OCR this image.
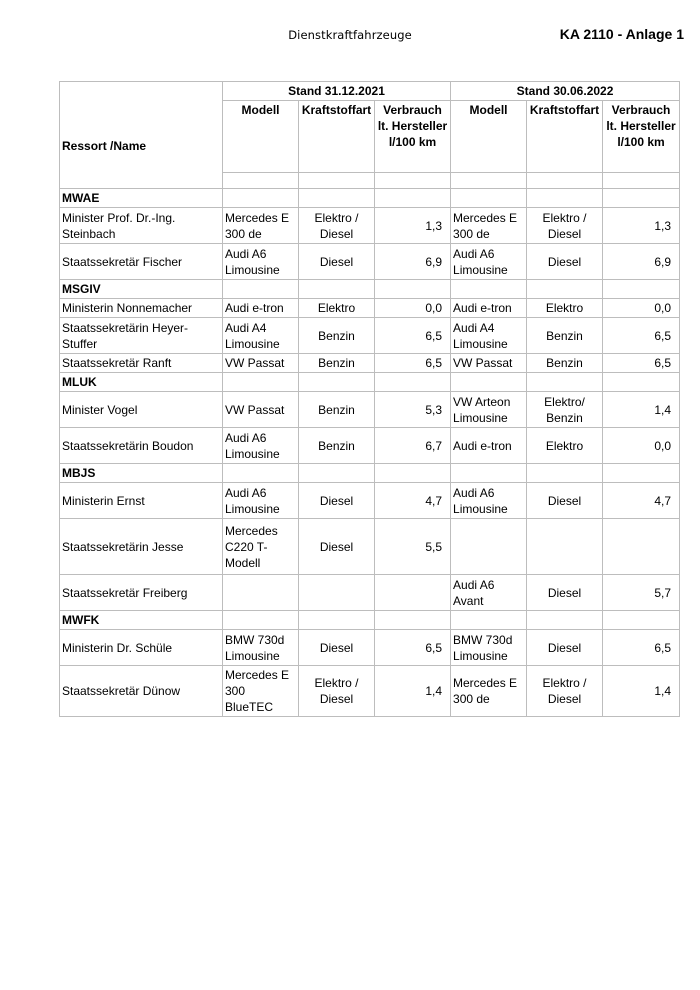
Dienstkraftfahrzeuge	KA 2110 - Anlage 1
Ressort /Name	Stand 31.12.2021			Stand 30.06.2022		
	Modell	Kraftstoffart	Verbrauch lt. Hersteller l/100 km	Modell	Kraftstoffart	Verbrauch lt. Hersteller l/100 km

MWAE						
Minister Prof. Dr.-Ing. Steinbach	Mercedes E 300 de	Elektro / Diesel	1,3	Mercedes E 300 de	Elektro / Diesel	1,3
Staatssekretär Fischer	Audi A6 Limousine	Diesel	6,9	Audi A6 Limousine	Diesel	6,9
MSGIV						
Ministerin Nonnemacher	Audi e-tron	Elektro	0,0	Audi e-tron	Elektro	0,0
Staatssekretärin Heyer-Stuffer	Audi A4 Limousine	Benzin	6,5	Audi A4 Limousine	Benzin	6,5
Staatssekretär Ranft	VW Passat	Benzin	6,5	VW Passat	Benzin	6,5
MLUK						
Minister Vogel	VW Passat	Benzin	5,3	VW Arteon Limousine	Elektro/ Benzin	1,4
Staatssekretärin Boudon	Audi A6 Limousine	Benzin	6,7	Audi e-tron	Elektro	0,0
MBJS						
Ministerin Ernst	Audi A6 Limousine	Diesel	4,7	Audi A6 Limousine	Diesel	4,7
Staatssekretärin Jesse	Mercedes C220 T-Modell	Diesel	5,5			
Staatssekretär Freiberg				Audi A6 Avant	Diesel	5,7
MWFK						
Ministerin Dr. Schüle	BMW 730d Limousine	Diesel	6,5	BMW 730d Limousine	Diesel	6,5
Staatssekretär Dünow	Mercedes E 300 BlueTEC	Elektro / Diesel	1,4	Mercedes E 300 de	Elektro / Diesel	1,4
